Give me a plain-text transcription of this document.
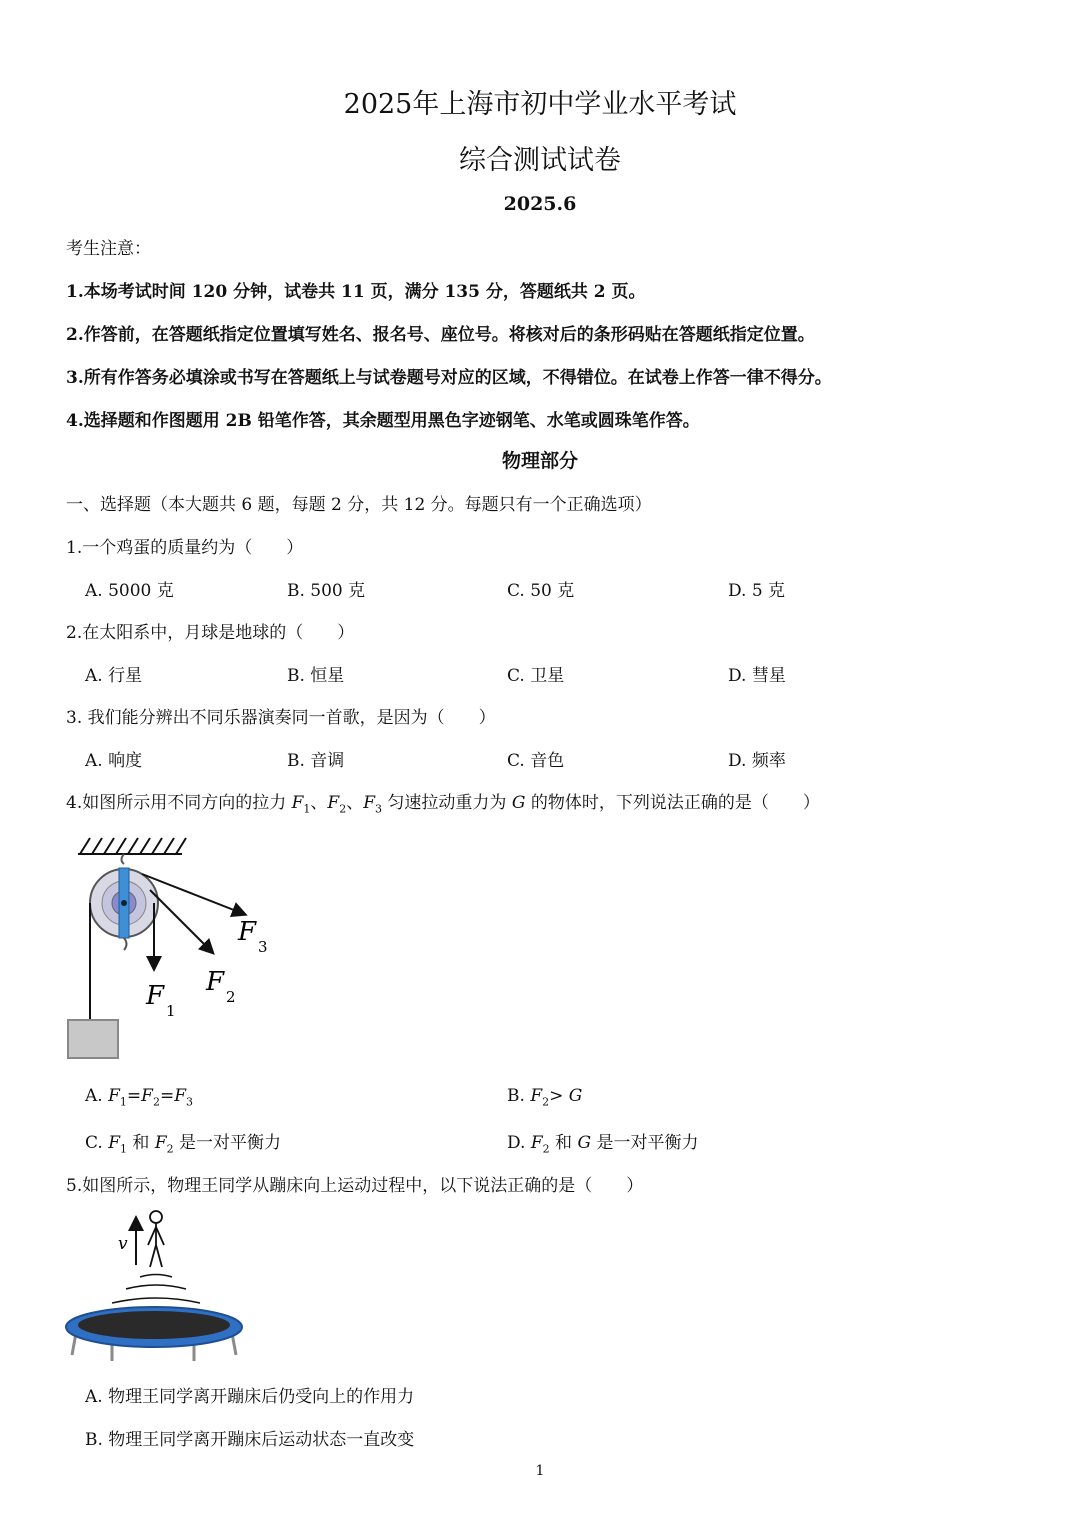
2025年上海市初中学业水平考试
综合测试试卷
2025.6
考生注意：
1.本场考试时间 120 分钟，试卷共 11 页，满分 135 分，答题纸共 2 页。
2.作答前，在答题纸指定位置填写姓名、报名号、座位号。将核对后的条形码贴在答题纸指定位置。
3.所有作答务必填涂或书写在答题纸上与试卷题号对应的区域，不得错位。在试卷上作答一律不得分。
4.选择题和作图题用 2B 铅笔作答，其余题型用黑色字迹钢笔、水笔或圆珠笔作答。
物理部分
一、选择题（本大题共 6 题，每题 2 分，共 12 分。每题只有一个正确选项）
1.一个鸡蛋的质量约为（　　）
A. 5000 克	B. 500 克	C. 50 克	D. 5 克
2.在太阳系中，月球是地球的（　　）
A. 行星	B. 恒星	C. 卫星	D. 彗星
3. 我们能分辨出不同乐器演奏同一首歌，是因为（　　）
A. 响度	B. 音调	C. 音色	D. 频率
4.如图所示用不同方向的拉力 $F_1$、$F_2$、$F_3$ 匀速拉动重力为 G 的物体时，下列说法正确的是（　　）
F 1
F 2
F 3
A. $F_1=F_2=F_3$	B. $F_2> G$
C. $F_1$ 和 $F_2$ 是一对平衡力	D. $F_2$ 和 G 是一对平衡力
5.如图所示，物理王同学从蹦床向上运动过程中，以下说法正确的是（　　）
v
A. 物理王同学离开蹦床后仍受向上的作用力
B. 物理王同学离开蹦床后运动状态一直改变
1
